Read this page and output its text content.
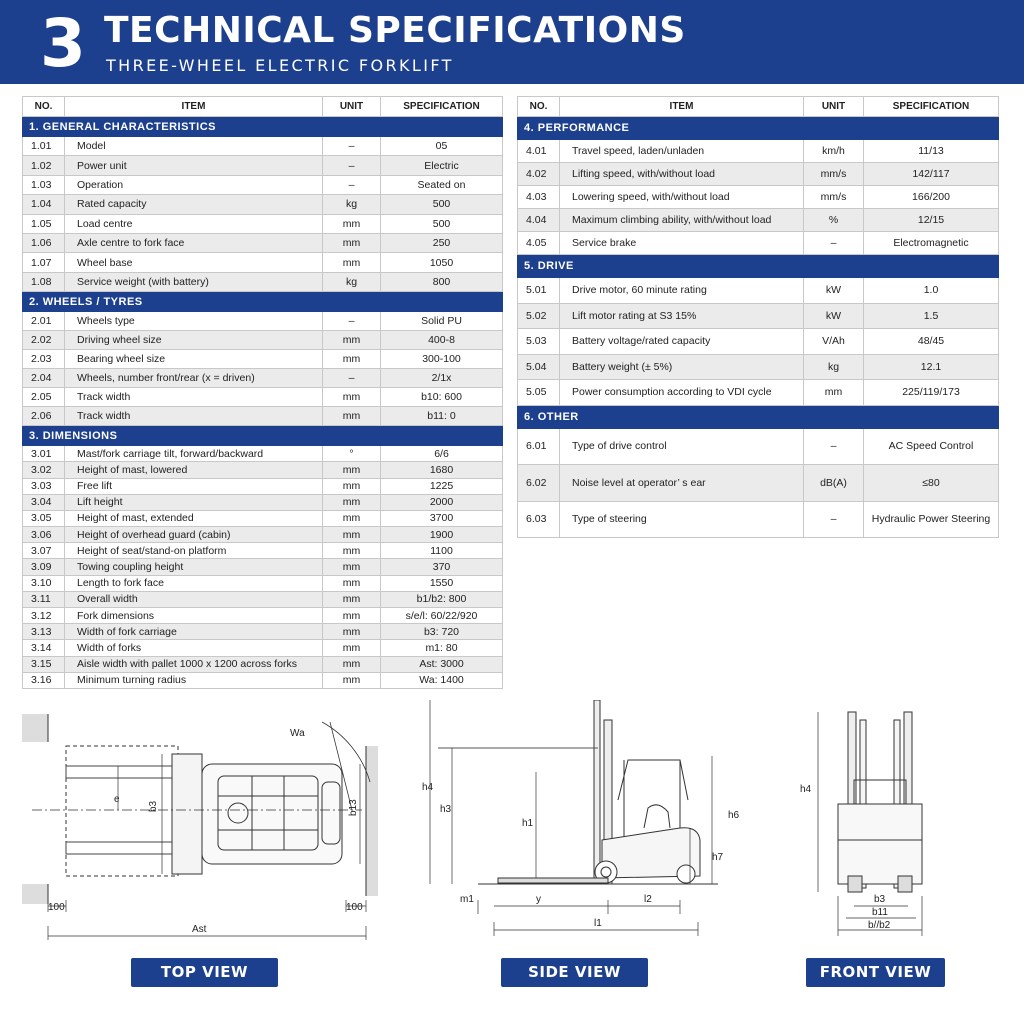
3 TECHNICAL SPECIFICATIONS
THREE-WHEEL ELECTRIC FORKLIFT
NO.	ITEM	UNIT	SPECIFICATION
1. GENERAL CHARACTERISTICS			
1.01	Model	–	05
1.02	Power unit	–	Electric
1.03	Operation	–	Seated on
1.04	Rated capacity	kg	500
1.05	Load centre	mm	500
1.06	Axle centre to fork face	mm	250
1.07	Wheel base	mm	1050
1.08	Service weight (with battery)	kg	800
2. WHEELS / TYRES			
2.01	Wheels type	–	Solid PU
2.02	Driving wheel size	mm	400-8
2.03	Bearing wheel size	mm	300-100
2.04	Wheels, number front/rear (x = driven)	–	2/1x
2.05	Track width	mm	b10: 600
2.06	Track width	mm	b11: 0
3. DIMENSIONS			
3.01	Mast/fork carriage tilt, forward/backward	°	6/6
3.02	Height of mast, lowered	mm	1680
3.03	Free lift	mm	1225
3.04	Lift height	mm	2000
3.05	Height of mast, extended	mm	3700
3.06	Height of overhead guard (cabin)	mm	1900
3.07	Height of seat/stand-on platform	mm	1100
3.09	Towing coupling height	mm	370
3.10	Length to fork face	mm	1550
3.11	Overall width	mm	b1/b2: 800
3.12	Fork dimensions	mm	s/e/l: 60/22/920
3.13	Width of fork carriage	mm	b3: 720
3.14	Width of forks	mm	m1: 80
3.15	Aisle width with pallet 1000 x 1200 across forks	mm	Ast: 3000
3.16	Minimum turning radius	mm	Wa: 1400
NO.	ITEM	UNIT	SPECIFICATION
4. PERFORMANCE			
4.01	Travel speed, laden/unladen	km/h	11/13
4.02	Lifting speed, with/without load	mm/s	142/117
4.03	Lowering speed, with/without load	mm/s	166/200
4.04	Maximum climbing ability, with/without load	%	12/15
4.05	Service brake	–	Electromagnetic
5. DRIVE			
5.01	Drive motor, 60 minute rating	kW	1.0
5.02	Lift motor rating at S3 15%	kW	1.5
5.03	Battery voltage/rated capacity	V/Ah	48/45
5.04	Battery weight (± 5%)	kg	12.1
5.05	Power consumption according to VDI cycle	mm	225/119/173
6. OTHER			
6.01	Type of drive control	–	AC Speed Control
6.02	Noise level at operator’ s ear	dB(A)	≤80
6.03	Type of steering	–	Hydraulic Power Steering
Wa
e
b3	b13
100	100
Ast
h4
h3
h1
h6
h7
m1	y	l2
l1
h4
b3
b11
b//b2
TOP VIEW	SIDE VIEW	FRONT VIEW
